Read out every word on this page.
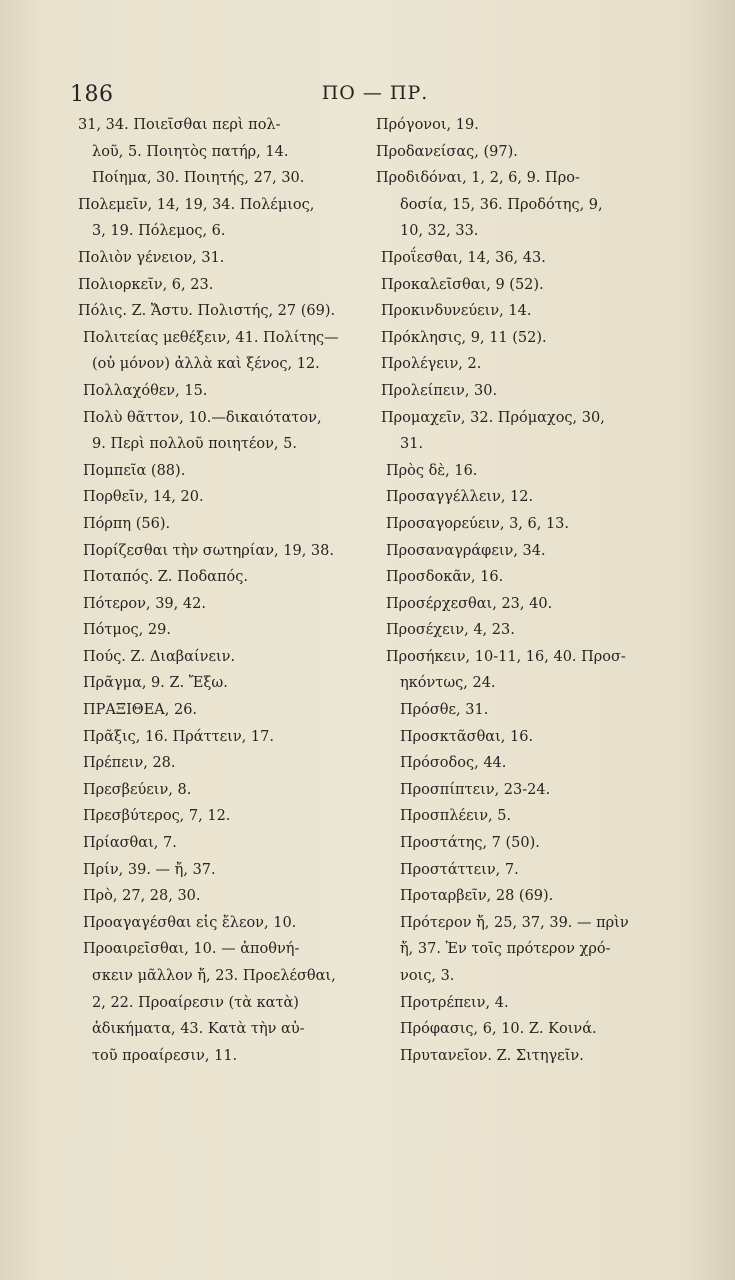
186	ΠΟ — ΠΡ.
31, 34. Ποιεῖσθαι περὶ πολ-
λοῦ, 5. Ποιητὸς πατήρ, 14.
Ποίημα, 30. Ποιητής, 27, 30.
Πολεμεῖν, 14, 19, 34. Πολέμιος,
3, 19. Πόλεμος, 6.
Πολιὸν γένειον, 31.
Πολιορκεῖν, 6, 23.
Πόλις. Ζ. Ἄστυ. Πολιστής, 27 (69).
Πολιτείας μεθέξειν, 41. Πολίτης—
(οὐ μόνον) ἀλλὰ καὶ ξένος, 12.
Πολλαχόθεν, 15.
Πολὺ θᾶττον, 10.—δικαιότατον,
9. Περὶ πολλοῦ ποιητέον, 5.
Πομπεῖα (88).
Πορθεῖν, 14, 20.
Πόρπη (56).
Πορίζεσθαι τὴν σωτηρίαν, 19, 38.
Ποταπός. Ζ. Ποδαπός.
Πότερον, 39, 42.
Πότμος, 29.
Πούς. Ζ. Διαβαίνειν.
Πρᾶγμα, 9. Ζ. Ἔξω.
ΠΡΑΞΙΘΕΑ, 26.
Πρᾶξις, 16. Πράττειν, 17.
Πρέπειν, 28.
Πρεσβεύειν, 8.
Πρεσβύτερος, 7, 12.
Πρίασθαι, 7.
Πρίν, 39. — ἤ, 37.
Πρὸ, 27, 28, 30.
Προαγαγέσθαι εἰς ἔλεον, 10.
Προαιρεῖσθαι, 10. — ἀποθνή-
σκειν μᾶλλον ἤ, 23. Προελέσθαι,
2, 22. Προαίρεσιν (τὰ κατὰ)
ἀδικήματα, 43. Κατὰ τὴν αὐ-
τοῦ προαίρεσιν, 11.
Πρόγονοι, 19.
Προδανείσας, (97).
Προδιδόναι, 1, 2, 6, 9. Προ-
δοσία, 15, 36. Προδότης, 9,
10, 32, 33.
Προΐεσθαι, 14, 36, 43.
Προκαλεῖσθαι, 9 (52).
Προκινδυνεύειν, 14.
Πρόκλησις, 9, 11 (52).
Προλέγειν, 2.
Προλείπειν, 30.
Προμαχεῖν, 32. Πρόμαχος, 30,
31.
Πρὸς δὲ, 16.
Προσαγγέλλειν, 12.
Προσαγορεύειν, 3, 6, 13.
Προσαναγράφειν, 34.
Προσδοκᾶν, 16.
Προσέρχεσθαι, 23, 40.
Προσέχειν, 4, 23.
Προσήκειν, 10-11, 16, 40. Προσ-
ηκόντως, 24.
Πρόσθε, 31.
Προσκτᾶσθαι, 16.
Πρόσοδος, 44.
Προσπίπτειν, 23-24.
Προσπλέειν, 5.
Προστάτης, 7 (50).
Προστάττειν, 7.
Προταρβεῖν, 28 (69).
Πρότερον ἤ, 25, 37, 39. — πρὶν
ἤ, 37. Ἐν τοῖς πρότερον χρό-
νοις, 3.
Προτρέπειν, 4.
Πρόφασις, 6, 10. Ζ. Κοινά.
Πρυτανεῖον. Ζ. Σιτηγεῖν.
